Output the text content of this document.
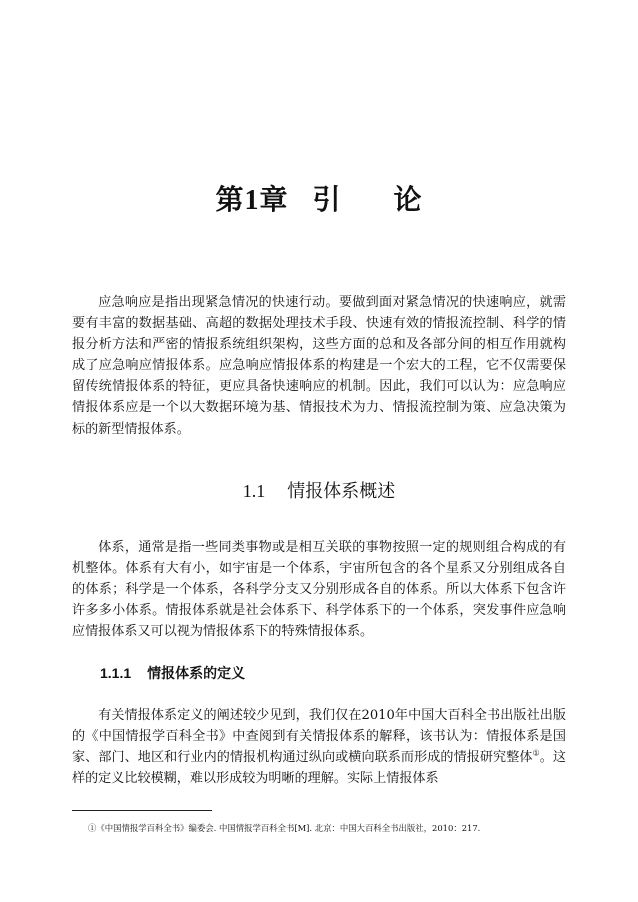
第1章 引 论

应急响应是指出现紧急情况的快速行动。要做到面对紧急情况的快速响应，就需要有丰富的数据基础、高超的数据处理技术手段、快速有效的情报流控制、科学的情报分析方法和严密的情报系统组织架构，这些方面的总和及各部分间的相互作用就构成了应急响应情报体系。应急响应情报体系的构建是一个宏大的工程，它不仅需要保留传统情报体系的特征，更应具备快速响应的机制。因此，我们可以认为：应急响应情报体系应是一个以大数据环境为基、情报技术为力、情报流控制为策、应急决策为标的新型情报体系。

1.1 情报体系概述

体系，通常是指一些同类事物或是相互关联的事物按照一定的规则组合构成的有机整体。体系有大有小，如宇宙是一个体系，宇宙所包含的各个星系又分别组成各自的体系；科学是一个体系，各科学分支又分别形成各自的体系。所以大体系下包含许许多多小体系。情报体系就是社会体系下、科学体系下的一个体系，突发事件应急响应情报体系又可以视为情报体系下的特殊情报体系。

1.1.1 情报体系的定义

有关情报体系定义的阐述较少见到，我们仅在2010年中国大百科全书出版社出版的《中国情报学百科全书》中查阅到有关情报体系的解释，该书认为：情报体系是国家、部门、地区和行业内的情报机构通过纵向或横向联系而形成的情报研究整体①。这样的定义比较模糊，难以形成较为明晰的理解。实际上情报体系

①《中国情报学百科全书》编委会. 中国情报学百科全书[M]. 北京：中国大百科全书出版社，2010：217.
